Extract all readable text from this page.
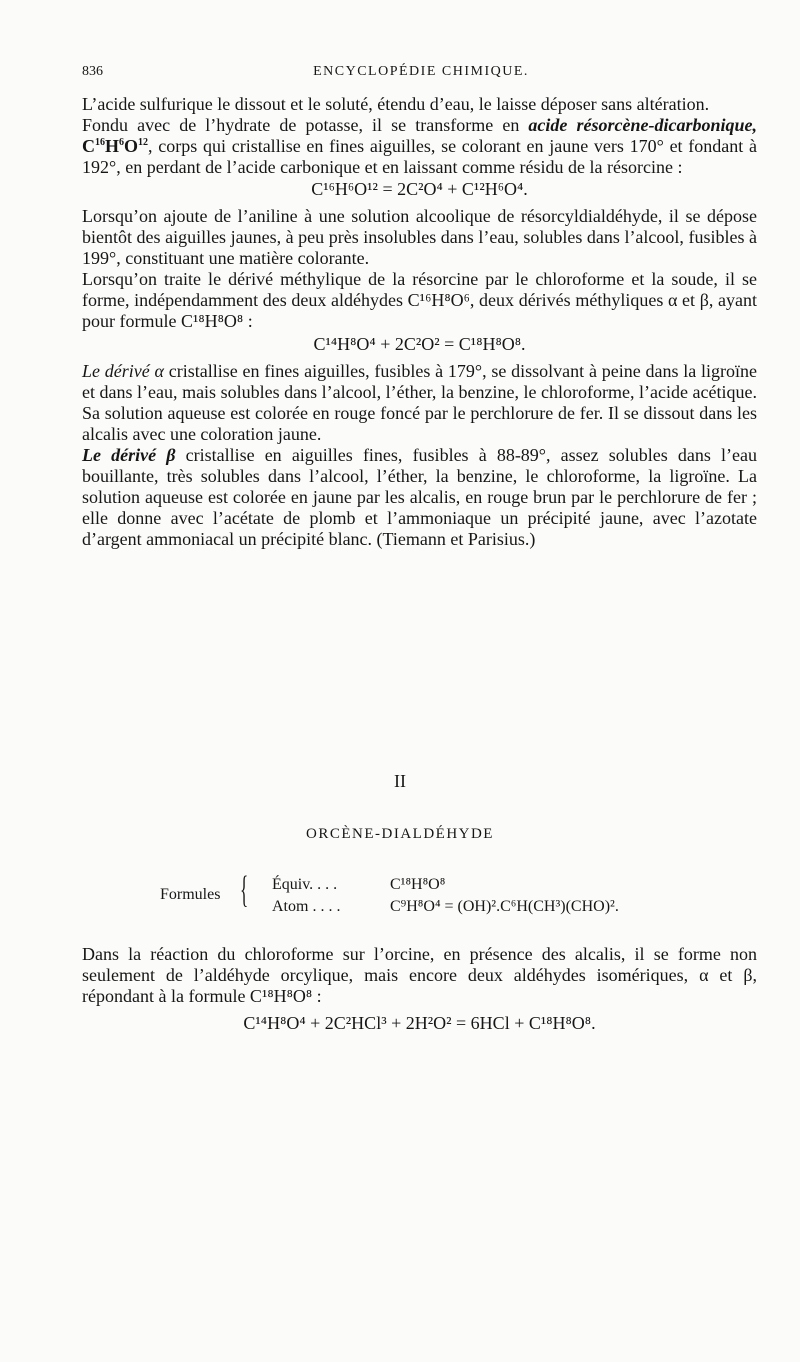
836	ENCYCLOPÉDIE CHIMIQUE.

L’acide sulfurique le dissout et le soluté, étendu d’eau, le laisse déposer sans altération.

Fondu avec de l’hydrate de potasse, il se transforme en acide résorcène-dicarbonique, $C^{16}H^6O^{12}$, corps qui cristallise en fines aiguilles, se colorant en jaune vers 170° et fondant à 192°, en perdant de l’acide carbonique et en laissant comme résidu de la résorcine :

C¹⁶H⁶O¹² = 2C²O⁴ + C¹²H⁶O⁴.

Lorsqu’on ajoute de l’aniline à une solution alcoolique de résorcyldialdéhyde, il se dépose bientôt des aiguilles jaunes, à peu près insolubles dans l’eau, solubles dans l’alcool, fusibles à 199°, constituant une matière colorante.

Lorsqu’on traite le dérivé méthylique de la résorcine par le chloroforme et la soude, il se forme, indépendamment des deux aldéhydes C¹⁶H⁸O⁶, deux dérivés méthyliques α et β, ayant pour formule C¹⁸H⁸O⁸ :

C¹⁴H⁸O⁴ + 2C²O² = C¹⁸H⁸O⁸.

Le dérivé α cristallise en fines aiguilles, fusibles à 179°, se dissolvant à peine dans la ligroïne et dans l’eau, mais solubles dans l’alcool, l’éther, la benzine, le chloroforme, l’acide acétique. Sa solution aqueuse est colorée en rouge foncé par le perchlorure de fer. Il se dissout dans les alcalis avec une coloration jaune.

Le dérivé β cristallise en aiguilles fines, fusibles à 88-89°, assez solubles dans l’eau bouillante, très solubles dans l’alcool, l’éther, la benzine, le chloroforme, la ligroïne. La solution aqueuse est colorée en jaune par les alcalis, en rouge brun par le perchlorure de fer ; elle donne avec l’acétate de plomb et l’ammoniaque un précipité jaune, avec l’azotate d’argent ammoniacal un précipité blanc. (Tiemann et Parisius.)

II
ORCÈNE-DIALDÉHYDE
Formules { Équiv. . . .	C¹⁸H⁸O⁸
Atom . . . .	C⁹H⁸O⁴ = (OH)².C⁶H(CH³)(CHO)².

Dans la réaction du chloroforme sur l’orcine, en présence des alcalis, il se forme non seulement de l’aldéhyde orcylique, mais encore deux aldéhydes isomériques, α et β, répondant à la formule C¹⁸H⁸O⁸ :

C¹⁴H⁸O⁴ + 2C²HCl³ + 2H²O² = 6HCl + C¹⁸H⁸O⁸.
